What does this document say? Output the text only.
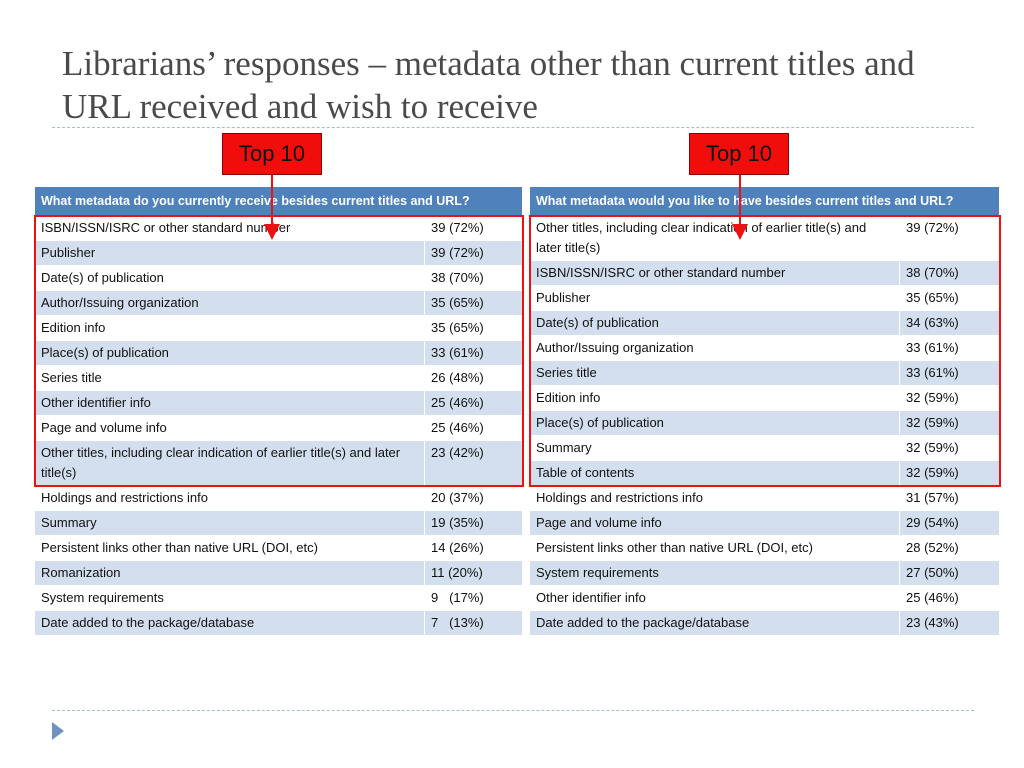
Librarians’ responses – metadata other than current titles and URL received and wish to receive
What metadata do you currently receive besides current titles and URL?	
ISBN/ISSN/ISRC or other standard number	39 (72%)
Publisher	39 (72%)
Date(s) of publication	38 (70%)
Author/Issuing organization	35 (65%)
Edition info	35 (65%)
Place(s) of publication	33 (61%)
Series title	26 (48%)
Other identifier info	25 (46%)
Page and volume info	25 (46%)
Other titles, including clear indication of earlier title(s) and later title(s)	23 (42%)
Holdings and restrictions info	20 (37%)
Summary	19 (35%)
Persistent links other than native URL (DOI, etc)	14 (26%)
Romanization	11 (20%)
System requirements	9   (17%)
Date added to the package/database	7   (13%)
What metadata would you like to have besides current titles and URL?	
Other titles, including clear indication of earlier title(s) and later title(s)	39 (72%)
ISBN/ISSN/ISRC or other standard number	38 (70%)
Publisher	35 (65%)
Date(s) of publication	34 (63%)
Author/Issuing organization	33 (61%)
Series title	33 (61%)
Edition info	32 (59%)
Place(s) of publication	32 (59%)
Summary	32 (59%)
Table of contents	32 (59%)
Holdings and restrictions info	31 (57%)
Page and volume info	29 (54%)
Persistent links other than native URL (DOI, etc)	28 (52%)
System requirements	27 (50%)
Other identifier info	25 (46%)
Date added to the package/database	23 (43%)
Top 10	Top 10
